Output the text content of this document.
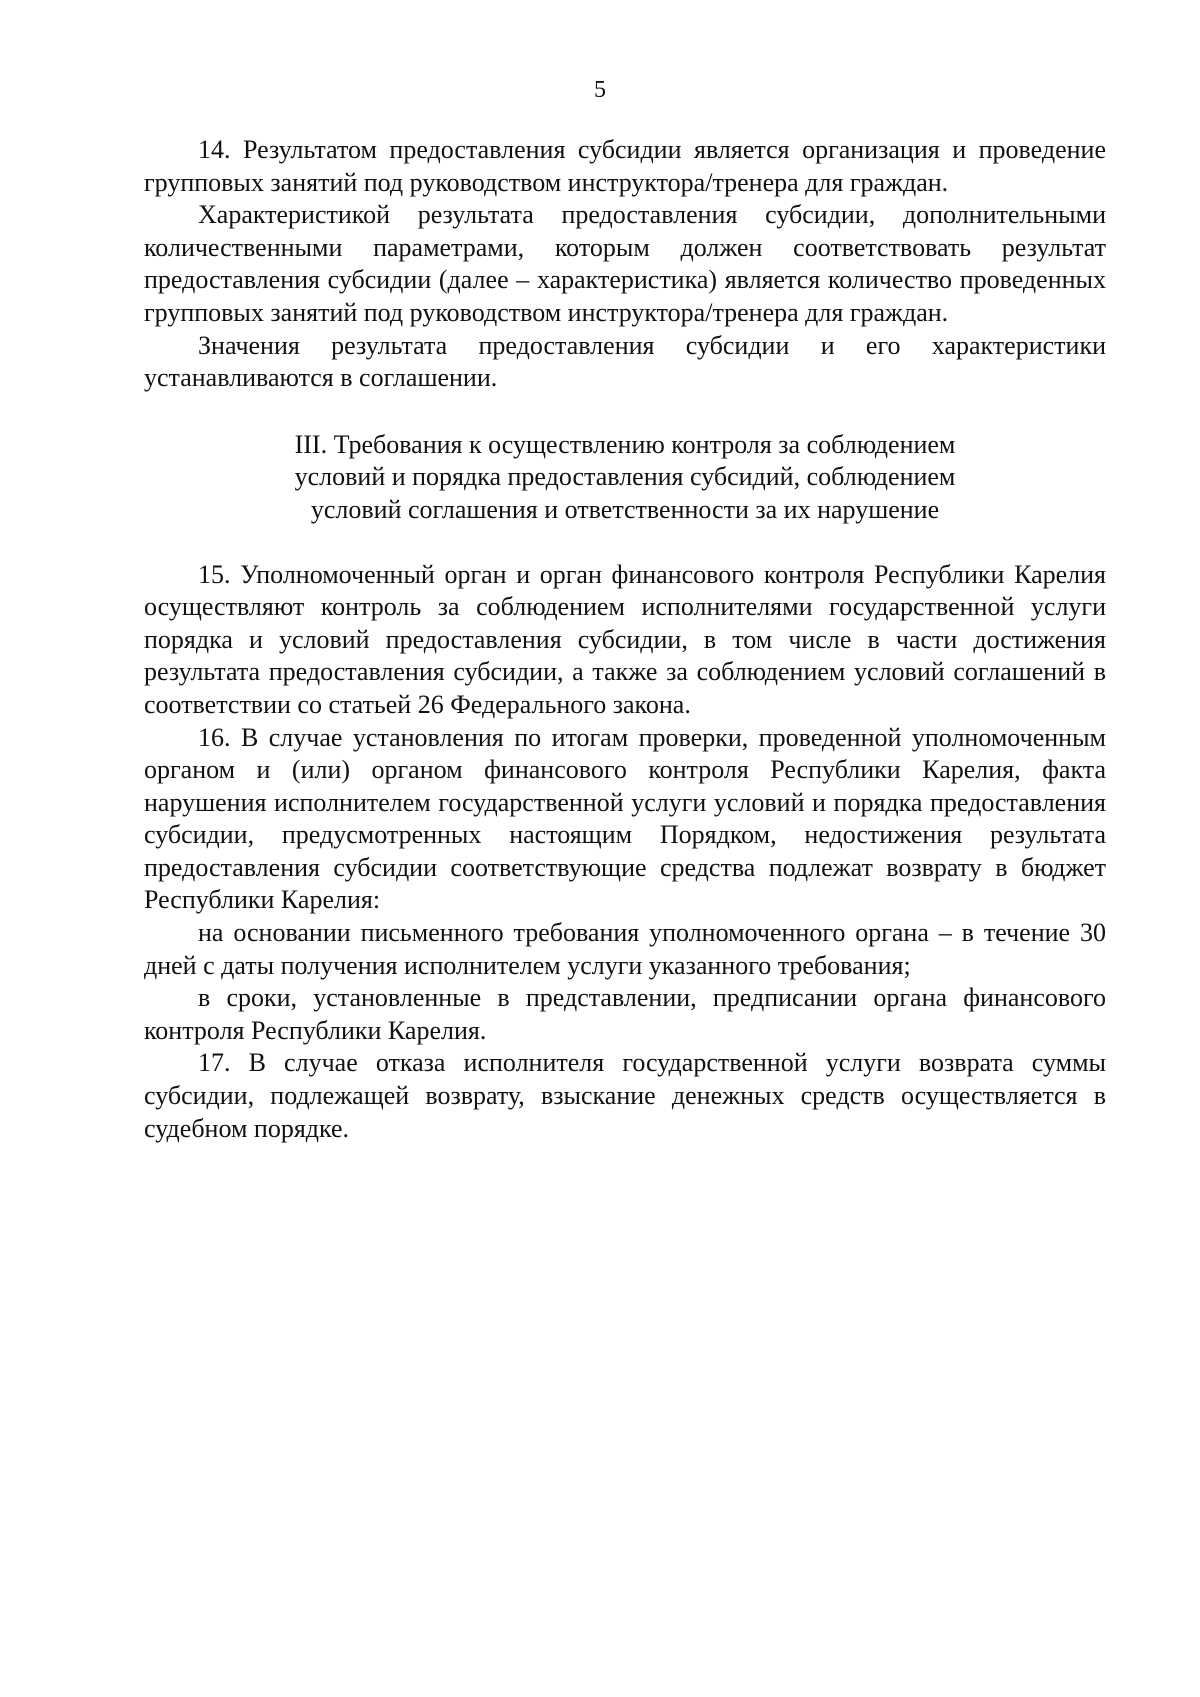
5

14. Результатом предоставления субсидии является организация и проведение групповых занятий под руководством инструктора/тренера для граждан.

Характеристикой результата предоставления субсидии, дополнительными количественными параметрами, которым должен соответствовать результат предоставления субсидии (далее – характеристика) является количество проведенных групповых занятий под руководством инструктора/тренера для граждан.

Значения результата предоставления субсидии и его характеристики устанавливаются в соглашении.

III. Требования к осуществлению контроля за соблюдением
условий и порядка предоставления субсидий, соблюдением
условий соглашения и ответственности за их нарушение

15. Уполномоченный орган и орган финансового контроля Республики Карелия осуществляют контроль за соблюдением исполнителями государственной услуги порядка и условий предоставления субсидии, в том числе в части достижения результата предоставления субсидии, а также за соблюдением условий соглашений в соответствии со статьей 26 Федерального закона.

16. В случае установления по итогам проверки, проведенной уполномоченным органом и (или) органом финансового контроля Республики Карелия, факта нарушения исполнителем государственной услуги условий и порядка предоставления субсидии, предусмотренных настоящим Порядком, недостижения результата предоставления субсидии соответствующие средства подлежат возврату в бюджет Республики Карелия:

на основании письменного требования уполномоченного органа – в течение 30 дней с даты получения исполнителем услуги указанного требования;

в сроки, установленные в представлении, предписании органа финансового контроля Республики Карелия.

17. В случае отказа исполнителя государственной услуги возврата суммы субсидии, подлежащей возврату, взыскание денежных средств осуществляется в судебном порядке.
